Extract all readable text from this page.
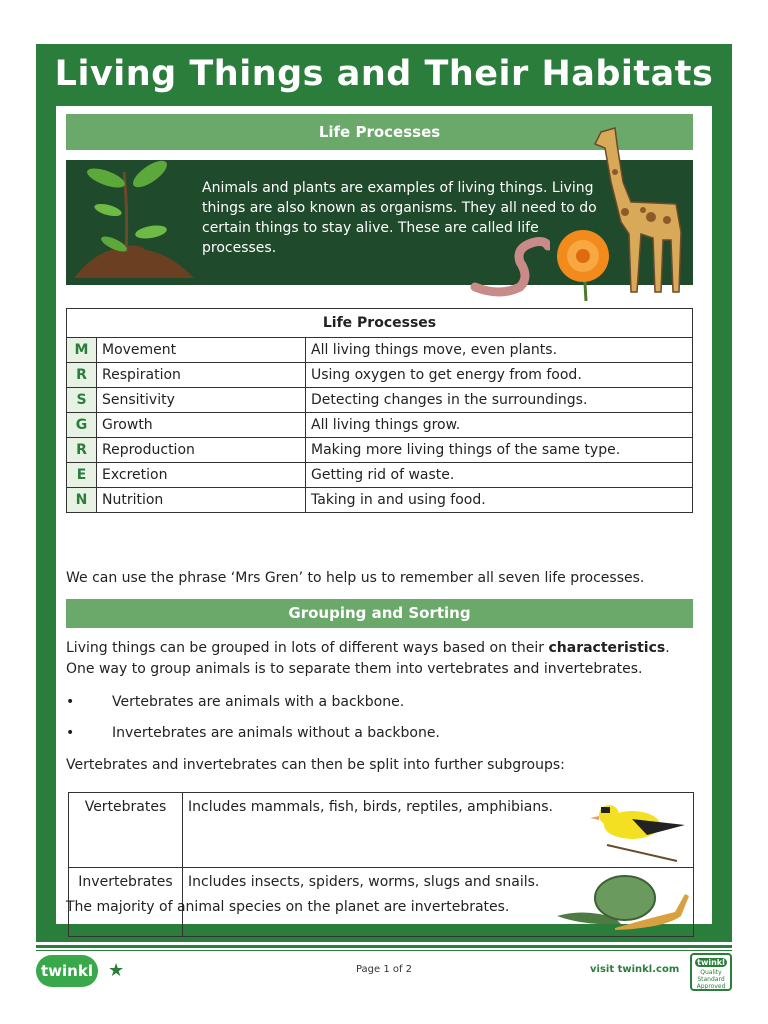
Living Things and Their Habitats
Life Processes
Animals and plants are examples of living things. Living things are also known as organisms. They all need to do certain things to stay alive. These are called life processes.
Life Processes		
M	Movement	All living things move, even plants.
R	Respiration	Using oxygen to get energy from food.
S	Sensitivity	Detecting changes in the surroundings.
G	Growth	All living things grow.
R	Reproduction	Making more living things of the same type.
E	Excretion	Getting rid of waste.
N	Nutrition	Taking in and using food.
We can use the phrase ‘Mrs Gren’ to help us to remember all seven life processes.
Grouping and Sorting
Living things can be grouped in lots of different ways based on their characteristics. One way to group animals is to separate them into vertebrates and invertebrates.
•	Vertebrates are animals with a backbone.
•	Invertebrates are animals without a backbone.
Vertebrates and invertebrates can then be split into further subgroups:
Vertebrates	Includes mammals, fish, birds, reptiles, amphibians.

Invertebrates	Includes insects, spiders, worms, slugs and snails.
The majority of animal species on the planet are invertebrates.
twinkl ★	Page 1 of 2	visit twinkl.com
twinkl
Quality Standard Approved
